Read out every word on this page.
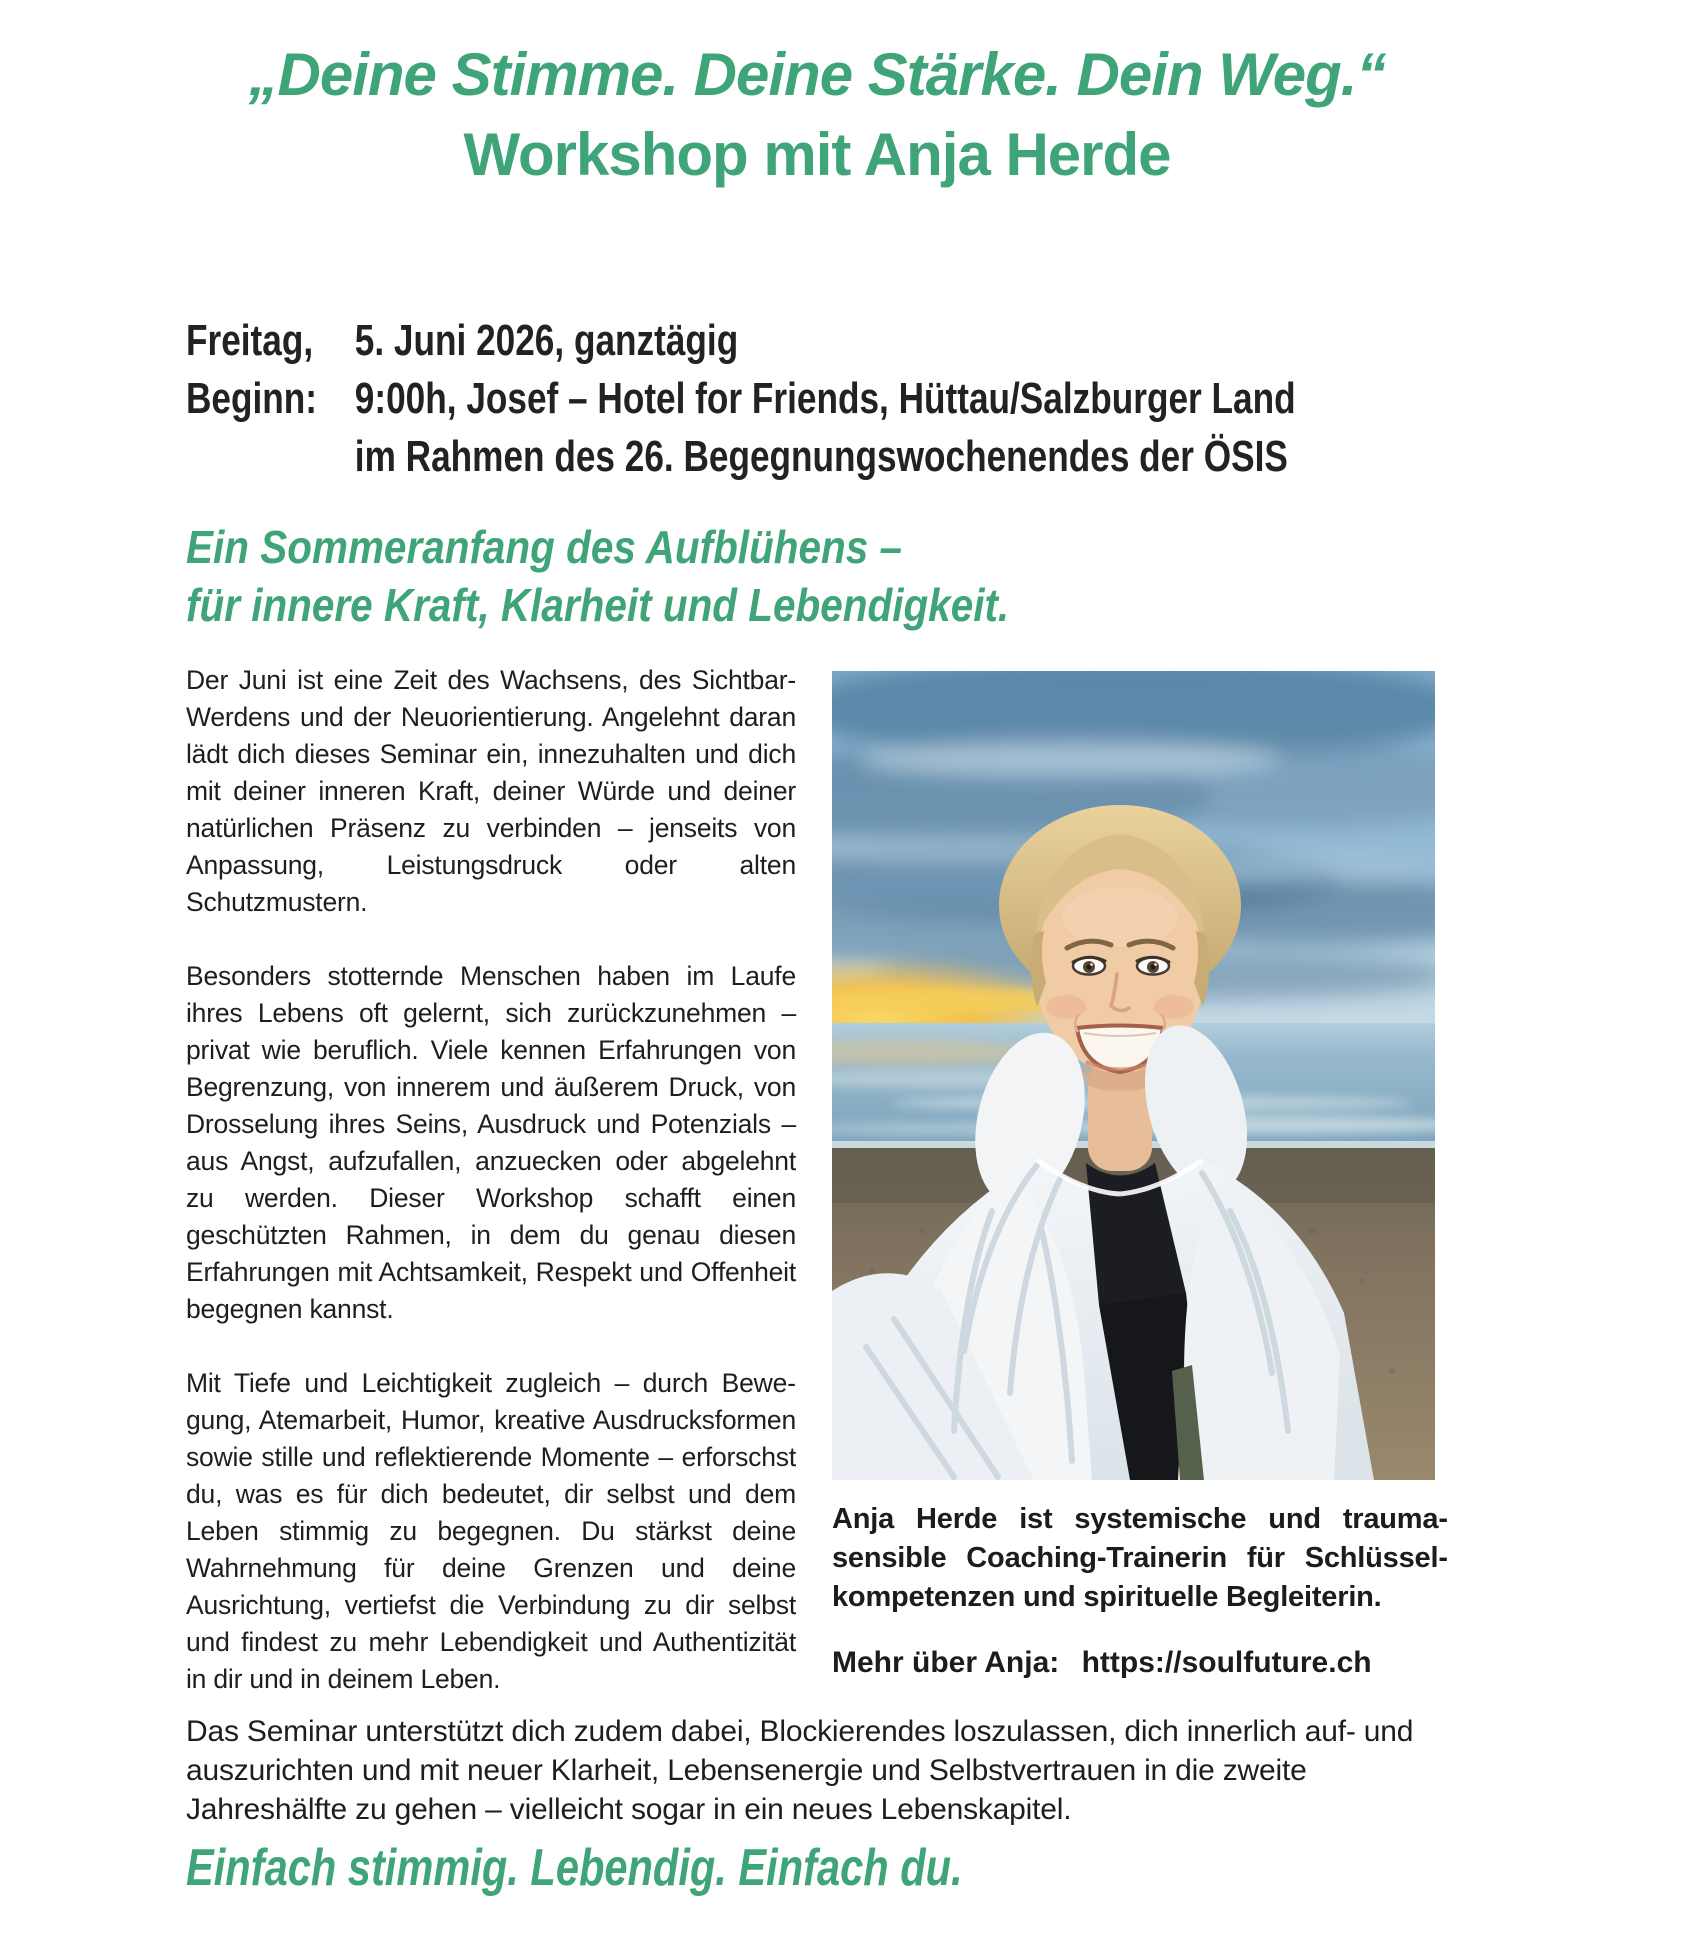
„Deine Stimme. Deine Stärke. Dein Weg.“
Workshop mit Anja Herde
Freitag, 5. Juni 2026, ganztägig
Beginn: 9:00h, Josef – Hotel for Friends, Hüttau/Salzburger Land
im Rahmen des 26. Begegnungswochenendes der ÖSIS
Ein Sommeranfang des Aufblühens –
für innere Kraft, Klarheit und Lebendigkeit.

Der Juni ist eine Zeit des Wachsens, des Sichtbar-Werdens und der Neuorientierung. Angelehnt daran lädt dich dieses Seminar ein, innezuhalten und dich mit deiner inneren Kraft, deiner Würde und deiner natürlichen Präsenz zu verbinden – jenseits von Anpassung, Leistungsdruck oder alten Schutzmustern.

Besonders stotternde Menschen haben im Laufe ihres Lebens oft gelernt, sich zurückzunehmen – privat wie beruflich. Viele kennen Erfahrungen von Begrenzung, von innerem und äußerem Druck, von Drosselung ihres Seins, Ausdruck und Potenzials – aus Angst, aufzufallen, anzuecken oder abgelehnt zu werden. Dieser Workshop schafft einen geschützten Rahmen, in dem du genau diesen Erfahrungen mit Achtsamkeit, Respekt und Offenheit begegnen kannst.

Mit Tiefe und Leichtigkeit zugleich – durch Bewegung, Atemarbeit, Humor, kreative Ausdrucksformen sowie stille und reflektierende Momente – erforschst du, was es für dich bedeutet, dir selbst und dem Leben stimmig zu begegnen. Du stärkst deine Wahrnehmung für deine Grenzen und deine Ausrichtung, vertiefst die Verbindung zu dir selbst und findest zu mehr Lebendigkeit und Authentizität in dir und in deinem Leben.

Anja Herde ist systemische und traumasensible Coaching-Trainerin für Schlüsselkompetenzen und spirituelle Begleiterin.

Mehr über Anja: https://soulfuture.ch

Das Seminar unterstützt dich zudem dabei, Blockierendes loszulassen, dich innerlich auf- und auszurichten und mit neuer Klarheit, Lebensenergie und Selbstvertrauen in die zweite Jahreshälfte zu gehen – vielleicht sogar in ein neues Lebenskapitel.

Einfach stimmig. Lebendig. Einfach du.
